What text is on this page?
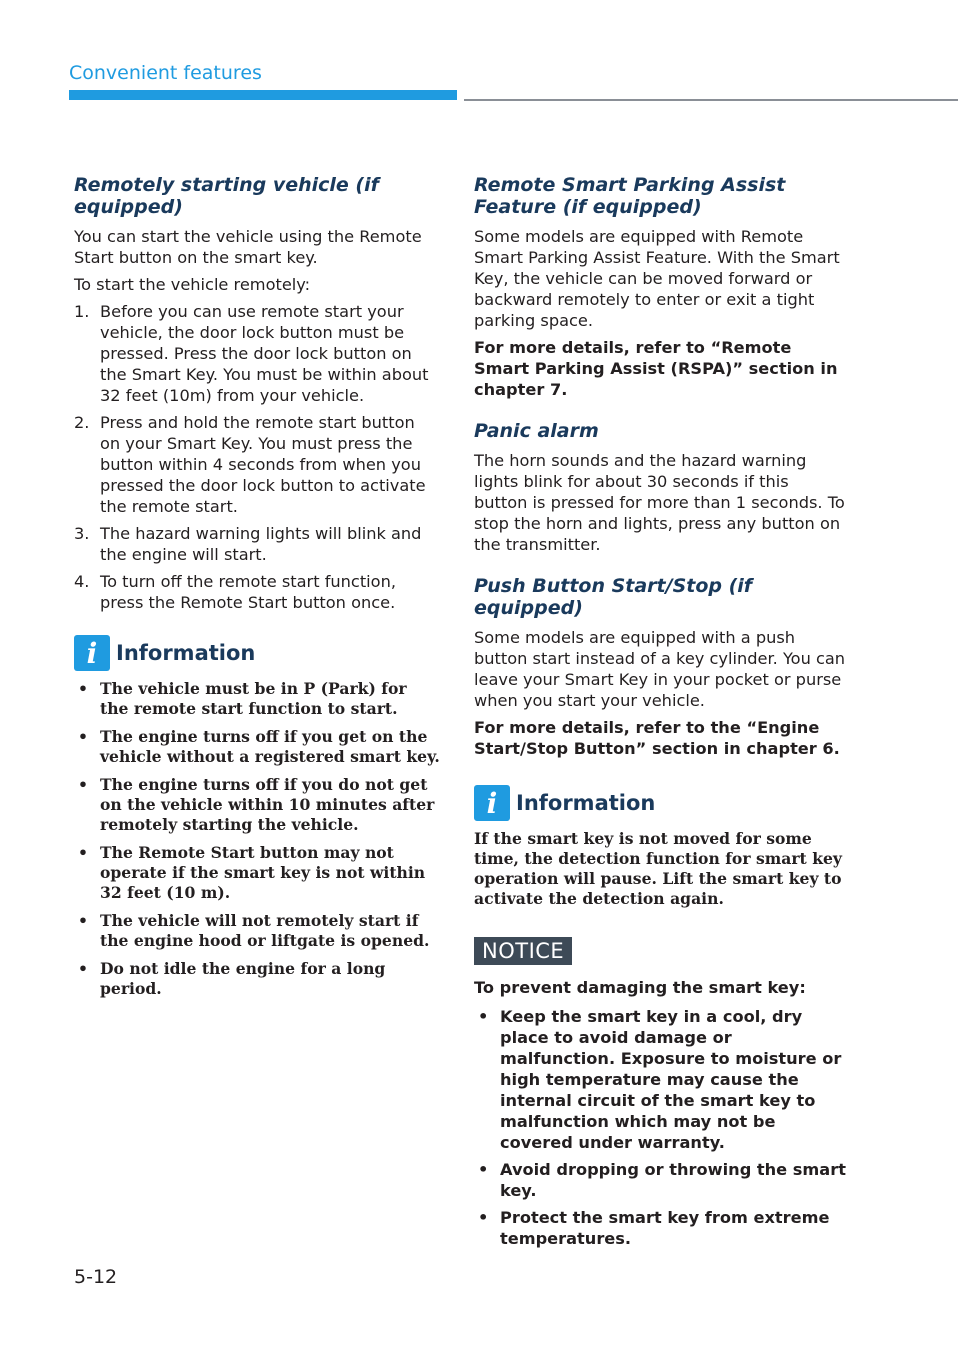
Convenient features
Remotely starting vehicle (if equipped)

You can start the vehicle using the Remote Start button on the smart key.

To start the vehicle remotely:

1. Before you can use remote start your vehicle, the door lock button must be pressed. Press the door lock button on the Smart Key. You must be within about 32 feet (10m) from your vehicle.
2. Press and hold the remote start button on your Smart Key. You must press the button within 4 seconds from when you pressed the door lock button to activate the remote start.
3. The hazard warning lights will blink and the engine will start.
4. To turn off the remote start function, press the Remote Start button once.
i Information
• The vehicle must be in P (Park) for the remote start function to start.
• The engine turns off if you get on the vehicle without a registered smart key.
• The engine turns off if you do not get on the vehicle within 10 minutes after remotely starting the vehicle.
• The Remote Start button may not operate if the smart key is not within 32 feet (10 m).
• The vehicle will not remotely start if the engine hood or liftgate is opened.
• Do not idle the engine for a long period.
Remote Smart Parking Assist Feature (if equipped)

Some models are equipped with Remote Smart Parking Assist Feature. With the Smart Key, the vehicle can be moved forward or backward remotely to enter or exit a tight parking space.

For more details, refer to “Remote Smart Parking Assist (RSPA)” section in chapter 7.

Panic alarm

The horn sounds and the hazard warning lights blink for about 30 seconds if this button is pressed for more than 1 seconds. To stop the horn and lights, press any button on the transmitter.

Push Button Start/Stop (if equipped)

Some models are equipped with a push button start instead of a key cylinder. You can leave your Smart Key in your pocket or purse when you start your vehicle.

For more details, refer to the “Engine Start/Stop Button” section in chapter 6.

i Information

If the smart key is not moved for some time, the detection function for smart key operation will pause. Lift the smart key to activate the detection again.

NOTICE

To prevent damaging the smart key:

• Keep the smart key in a cool, dry place to avoid damage or malfunction. Exposure to moisture or high temperature may cause the internal circuit of the smart key to malfunction which may not be covered under warranty.
• Avoid dropping or throwing the smart key.
• Protect the smart key from extreme temperatures.
5-12
